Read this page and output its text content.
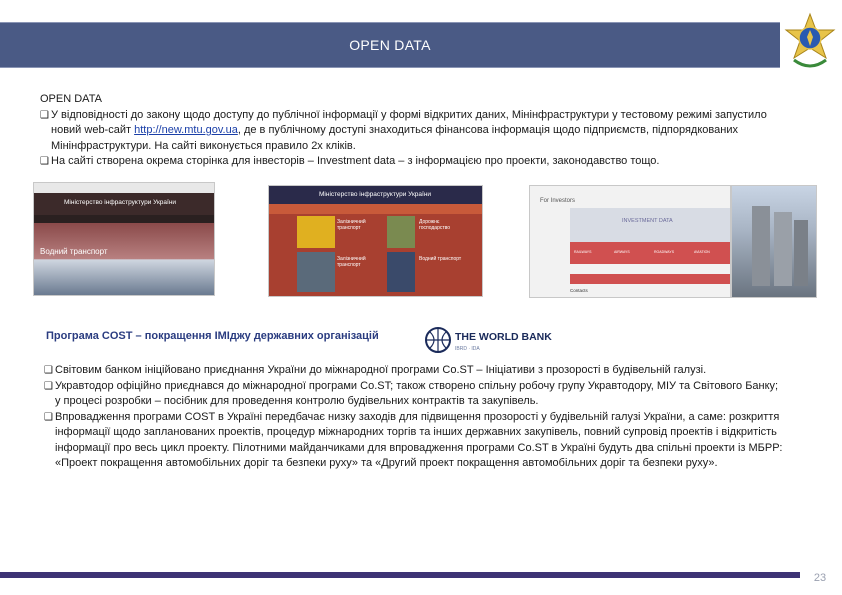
OPEN DATA
OPEN DATA
❑ У відповідності до закону щодо доступу до публічної інформації у формі відкритих даних, Мінінфраструктури у тестовому режимі запустило новий web-сайт http://new.mtu.gov.ua, де в публічному доступі знаходиться фінансова інформація щодо підприємств, підпорядкованих Мінінфраструктури. На сайті виконується правило 2х кліків.
❑ На сайті створена окрема сторінка для інвесторів – Investment data – з інформацією про проекти, законодавство тощо.
Міністерство інфраструктури України
Водний транспорт
Міністерство інфраструктури України
Залізничний транспорт
Дорожнє господарство
Залізничний транспорт
Водний транспорт
For Investors
INVESTMENT DATA
RAILWAYS	AIRWAYS	ROADWAYS	AVIATION
Contacts
Програма COST – покращення ІМІджу державних організацій	THE WORLD BANK
IBRD · IDA
❑ Світовим банком ініційовано приєднання України до міжнародної програми Co.ST – Ініціативи з прозорості в будівельній галузі.
❑ Укравтодор офіційно приєднався до міжнародної програми Co.ST; також створено спільну робочу групу Укравтодору, МІУ та Світового Банку; у процесі розробки – посібник для проведення контролю будівельних контрактів та закупівель.
❑ Впровадження програми COST в Україні передбачає низку заходів для підвищення прозорості у будівельній галузі України, а саме: розкриття інформації щодо запланованих проектів, процедур міжнародних торгів та інших державних закупівель, повний супровід проектів і відкритість інформації про весь цикл проекту. Пілотними майданчиками для впровадження програми Co.ST в Україні будуть два спільні проекти із МБРР: «Проект покращення автомобільних доріг та безпеки руху» та «Другий проект покращення автомобільних доріг та безпеки руху».
23
